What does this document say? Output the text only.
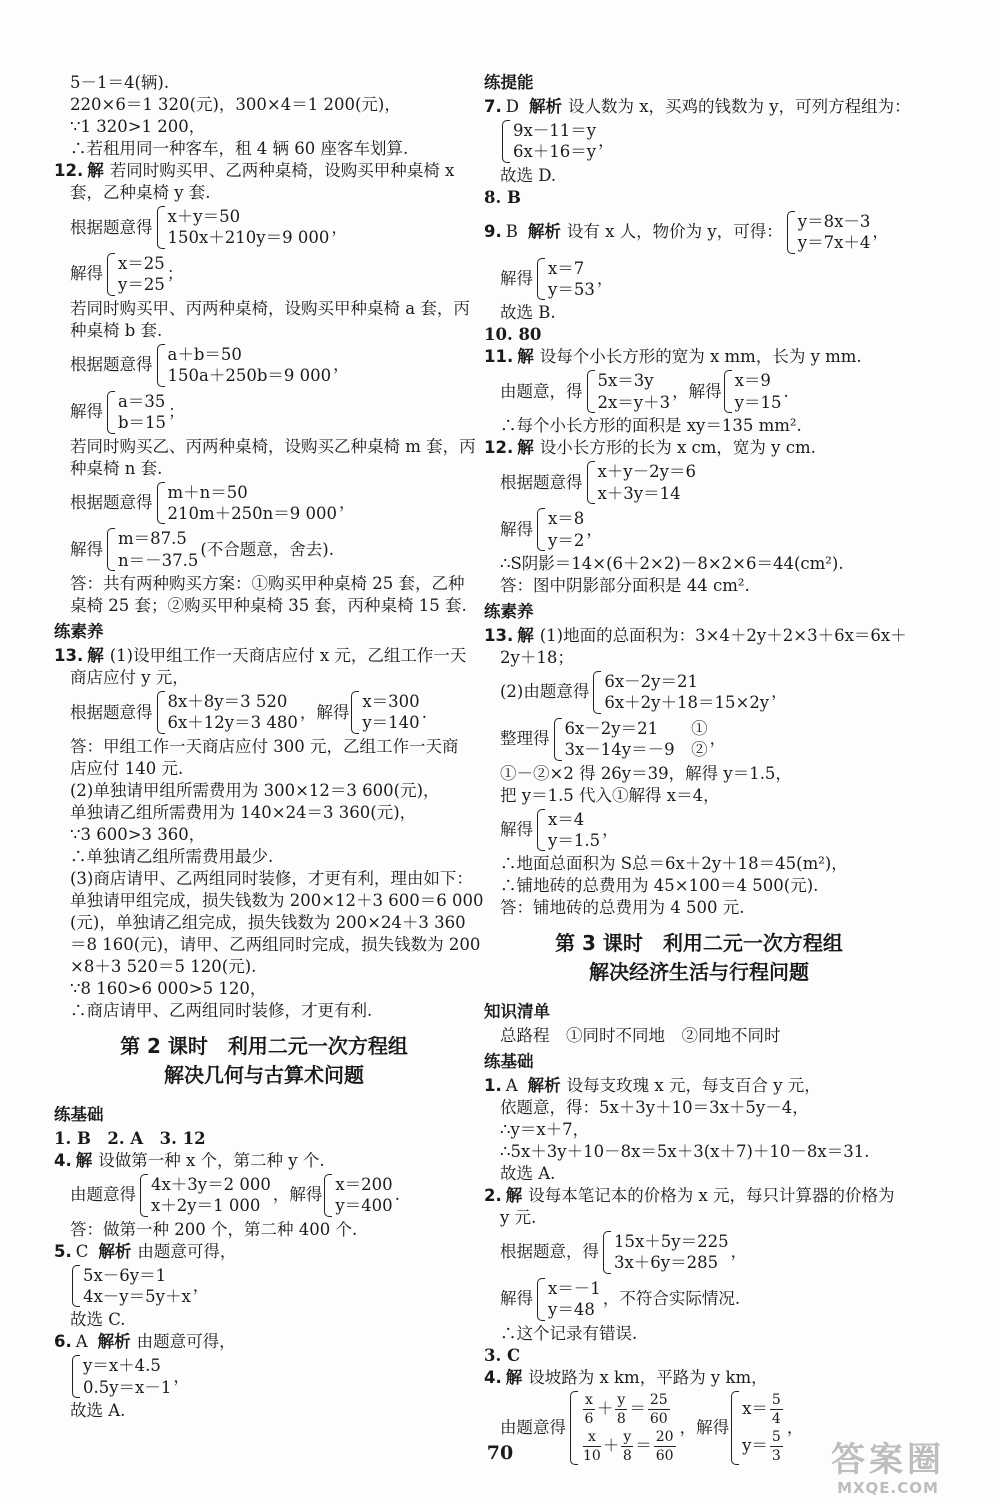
5－1＝4(辆).
220×6＝1 320(元)，300×4＝1 200(元)，
∵1 320>1 200，
∴若租用同一种客车，租 4 辆 60 座客车划算.
12. 解 若同时购买甲、乙两种桌椅，设购买甲种桌椅 x
套，乙种桌椅 y 套.
根据题意得
x＋y＝50
150x＋210y＝9 000
，
解得
x＝25
y＝25
；
若同时购买甲、丙两种桌椅，设购买甲种桌椅 a 套，丙
种桌椅 b 套.
根据题意得
a＋b＝50
150a＋250b＝9 000
，
解得
a＝35
b＝15
；
若同时购买乙、丙两种桌椅，设购买乙种桌椅 m 套，丙
种桌椅 n 套.
根据题意得
m＋n＝50
210m＋250n＝9 000
，
解得
m＝87.5
n＝－37.5
(不合题意，舍去).
答：共有两种购买方案：①购买甲种桌椅 25 套，乙种
桌椅 25 套；②购买甲种桌椅 35 套，丙种桌椅 15 套.
练素养
13. 解 (1)设甲组工作一天商店应付 x 元，乙组工作一天
商店应付 y 元，
根据题意得
8x＋8y＝3 520
6x＋12y＝3 480
，解得
x＝300
y＝140
.
答：甲组工作一天商店应付 300 元，乙组工作一天商
店应付 140 元.
(2)单独请甲组所需费用为 300×12＝3 600(元)，
单独请乙组所需费用为 140×24＝3 360(元)，
∵3 600>3 360，
∴单独请乙组所需费用最少.
(3)商店请甲、乙两组同时装修，才更有利，理由如下：
单独请甲组完成，损失钱数为 200×12＋3 600＝6 000
(元)，单独请乙组完成，损失钱数为 200×24＋3 360
＝8 160(元)，请甲、乙两组同时完成，损失钱数为 200
×8＋3 520＝5 120(元).
∵8 160>6 000>5 120，
∴商店请甲、乙两组同时装修，才更有利.
第 2 课时　利用二元一次方程组
解决几何与古算术问题
练基础
1. B　2. A　3. 12
4. 解 设做第一种 x 个，第二种 y 个.
由题意得
4x＋3y＝2 000
x＋2y＝1 000
，解得
x＝200
y＝400
.
答：做第一种 200 个，第二种 400 个.
5. C 解析 由题意可得，
5x－6y＝1
4x－y＝5y＋x
，
故选 C.
6. A 解析 由题意可得，
y＝x＋4.5
0.5y＝x－1
，
故选 A.
练提能
7. D 解析 设人数为 x，买鸡的钱数为 y，可列方程组为：
9x－11＝y
6x＋16＝y
，
故选 D.
8. B
9. B 解析 设有 x 人，物价为 y，可得：
y＝8x－3
y＝7x＋4
，
解得
x＝7
y＝53
，
故选 B.
10. 80
11. 解 设每个小长方形的宽为 x mm，长为 y mm.
由题意，得
5x＝3y
2x＝y＋3
，解得
x＝9
y＝15
.
∴每个小长方形的面积是 xy＝135 mm².
12. 解 设小长方形的长为 x cm，宽为 y cm.
根据题意得
x＋y－2y＝6
x＋3y＝14
解得
x＝8
y＝2
，
∴S阴影＝14×(6＋2×2)－8×2×6＝44(cm²).
答：图中阴影部分面积是 44 cm².
练素养
13. 解 (1)地面的总面积为：3×4＋2y＋2×3＋6x＝6x＋
2y＋18；
(2)由题意得
6x－2y＝21
6x＋2y＋18＝15×2y
，
整理得
6x－2y＝21　　①
3x－14y＝－9　②
，
①－②×2 得 26y＝39，解得 y＝1.5，
把 y＝1.5 代入①解得 x＝4，
解得
x＝4
y＝1.5
，
∴地面总面积为 S总＝6x＋2y＋18＝45(m²)，
∴铺地砖的总费用为 45×100＝4 500(元).
答：铺地砖的总费用为 4 500 元.
第 3 课时　利用二元一次方程组
解决经济生活与行程问题
知识清单
总路程　①同时不同地　②同地不同时
练基础
1. A 解析 设每支玫瑰 x 元，每支百合 y 元，
依题意，得：5x＋3y＋10＝3x＋5y－4，
∴y＝x＋7，
∴5x＋3y＋10－8x＝5x＋3(x＋7)＋10－8x＝31.
故选 A.
2. 解 设每本笔记本的价格为 x 元，每只计算器的价格为
y 元.
根据题意，得
15x＋5y＝225
3x＋6y＝285
，
解得
x＝－1
y＝48
，不符合实际情况.
∴这个记录有错误.
3. C
4. 解 设坡路为 x km，平路为 y km，
由题意得 $\frac{x}{6} + \frac{y}{8} = \frac{25}{60}$
$\frac{x}{10} + \frac{y}{8} = \frac{20}{60}$
，解得
$x= \frac{5}{4}$
$y= \frac{5}{3}$
，
70	答案圈
MXQE.COM
